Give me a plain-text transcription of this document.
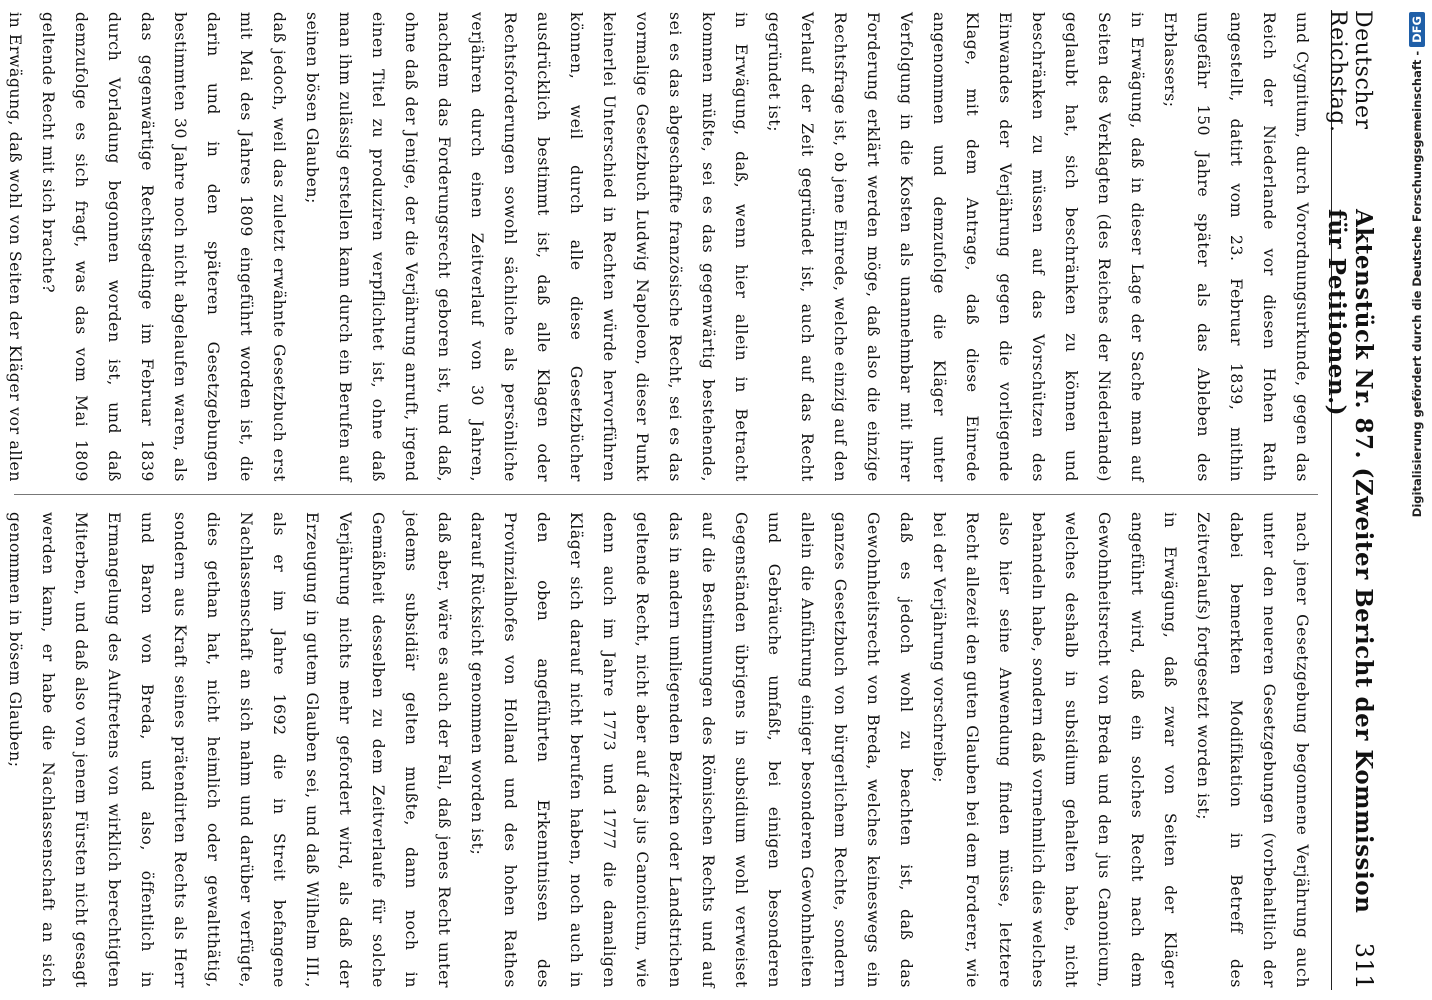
Deutscher Reichstag.
Aktenstück Nr. 87. (Zweiter Bericht der Kommission für Petitionen.)
311
und Cygnitum, durch Vorordnungsurkunde, gegen das Reich der Niederlande vor diesen Hohen Rath angestellt, datirt vom 23. Februar 1839, mithin ungefähr 150 Jahre später als das Ableben des Erblassers;
in Erwägung, daß in dieser Lage der Sache man auf Seiten des Verklagten (des Reiches der Niederlande) geglaubt hat, sich beschränken zu können und beschränken zu müssen auf das Vorschützen des Einwandes der Verjährung gegen die vorliegende Klage, mit dem Antrage, daß diese Einrede angenommen und demzufolge die Kläger unter Verfolgung in die Kosten als unannehmbar mit ihrer Forderung erklärt werden möge, daß also die einzige Rechtsfrage ist, ob jene Einrede, welche einzig auf den Verlauf der Zeit gegründet ist, auch auf das Recht gegründet ist;
in Erwägung, daß, wenn hier allein in Betracht kommen müßte, sei es das gegenwärtig bestehende, sei es das abgeschaffte französische Recht, sei es das vormalige Gesetzbuch Ludwig Napoleon, dieser Punkt keinerlei Unterschied in Rechten würde hervorführen können, weil durch alle diese Gesetzbücher ausdrücklich bestimmt ist, daß alle Klagen oder Rechtsforderungen sowohl sächliche als persönliche verjähren durch einen Zeitverlauf von 30 Jahren, nachdem das Forderungsrecht geboren ist, und daß, ohne daß der Jenige, der die Verjährung anruft, irgend einen Titel zu produziren verpflichtet ist, ohne daß man ihm zulässig erstellen kann durch ein Berufen auf seinen bösen Glauben;
daß jedoch, weil das zuletzt erwähnte Gesetzbuch erst mit Mai des Jahres 1809 eingeführt worden ist, die darin und in den späteren Gesetzgebungen bestimmten 30 Jahre noch nicht abgelaufen waren, als das gegenwärtige Rechtsgedinge im Februar 1839 durch Vorladung begonnen worden ist, und daß demzufolge es sich fragt, was das vom Mai 1809 geltende Recht mit sich brachte?
in Erwägung, daß wohl von Seiten der Kläger vor allen
nach jener Gesetzgebung begonnene Verjährung auch unter den neueren Gesetzgebungen (vorbehaltlich der dabei bemerkten Modifikation in Betreff des Zeitverlaufs) fortgesetzt worden ist;
in Erwägung, daß zwar von Seiten der Kläger angeführt wird, daß ein solches Recht nach dem Gewohnheitsrecht von Breda und den jus Canonicum, welches deshalb in subsidium gehalten habe, nicht behandeln habe, sondern daß vornehmlich dies welches also hier seine Anwendung finden müsse, letztere Recht allezeit den guten Glauben bei dem Forderer, wie bei der Verjährung vorschreibe;
daß es jedoch wohl zu beachten ist, daß das Gewohnheitsrecht von Breda, welches keineswegs ein ganzes Gesetzbuch von bürgerlichem Rechte, sondern allein die Anführung einiger besonderen Gewohnheiten und Gebräuche umfaßt, bei einigen besonderen Gegenständen übrigens in subsidium wohl verweiset auf die Bestimmungen des Römischen Rechts und auf das in andern umliegenden Bezirken oder Landstrichen geltende Recht, nicht aber auf das jus Canonicum, wie denn auch im Jahre 1773 und 1777 die damaligen Kläger sich darauf nicht berufen haben, noch auch in den oben angeführten Erkenntnissen des Provinzialhofes von Holland und des hohen Rathes darauf Rücksicht genommen worden ist;
daß aber, wäre es auch der Fall, daß jenes Recht unter jedems subsidiär gelten mußte, dann noch in Gemäßheit desselben zu dem Zeitverlaufe für solche Verjährung nichts mehr gefordert wird, als daß der Erzeugung in gutem Glauben sei, und daß Wilhelm III., als er im Jahre 1692 die in Streit befangene Nachlassenschaft an sich nahm und darüber verfügte, dies gethan hat, nicht heimlich oder gewaltthätig, sondern aus Kraft seines prätendirten Rechts als Herr und Baron von Breda, und also, öffentlich in Ermangelung des Auftretens von wirklich berechtigten Miterben, und daß also von jenem Fürsten nicht gesagt werden kann, er habe die Nachlassenschaft an sich genommen in bösem Glauben;

Digitalisierung gefördert durch die Deutsche Forschungsgemeinschaft -DFG
